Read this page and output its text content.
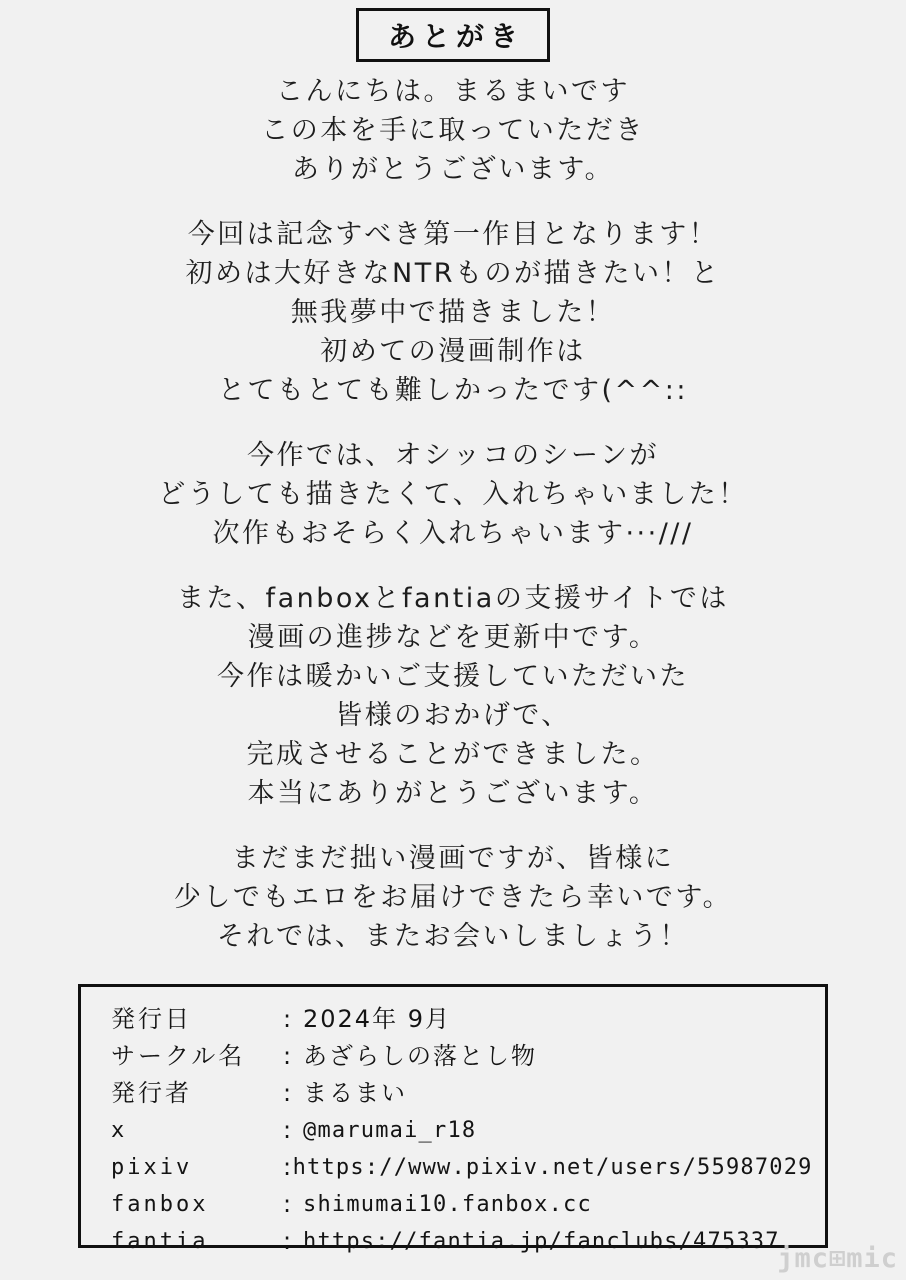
あとがき
こんにちは。まるまいです
この本を手に取っていただき
ありがとうございます。
今回は記念すべき第一作目となります！
初めは大好きなNTRものが描きたい！と
無我夢中で描きました！
初めての漫画制作は
とてもとても難しかったです(^^::
今作では、オシッコのシーンが
どうしても描きたくて、入れちゃいました！
次作もおそらく入れちゃいます···///
また、fanboxとfantiaの支援サイトでは
漫画の進捗などを更新中です。
今作は暖かいご支援していただいた
皆様のおかげで、
完成させることができました。
本当にありがとうございます。
まだまだ拙い漫画ですが、皆様に
少しでもエロをお届けできたら幸いです。
それでは、またお会いしましょう！
発行日	: 2024年 9月
サークル名	: あざらしの落とし物
発行者	: まるまい
x	: @marumai_r18
pixiv	: https://www.pixiv.net/users/55987029
fanbox	: shimumai10.fanbox.cc
fantia	: https://fantia.jp/fanclubs/475337
jmc⊞mic
